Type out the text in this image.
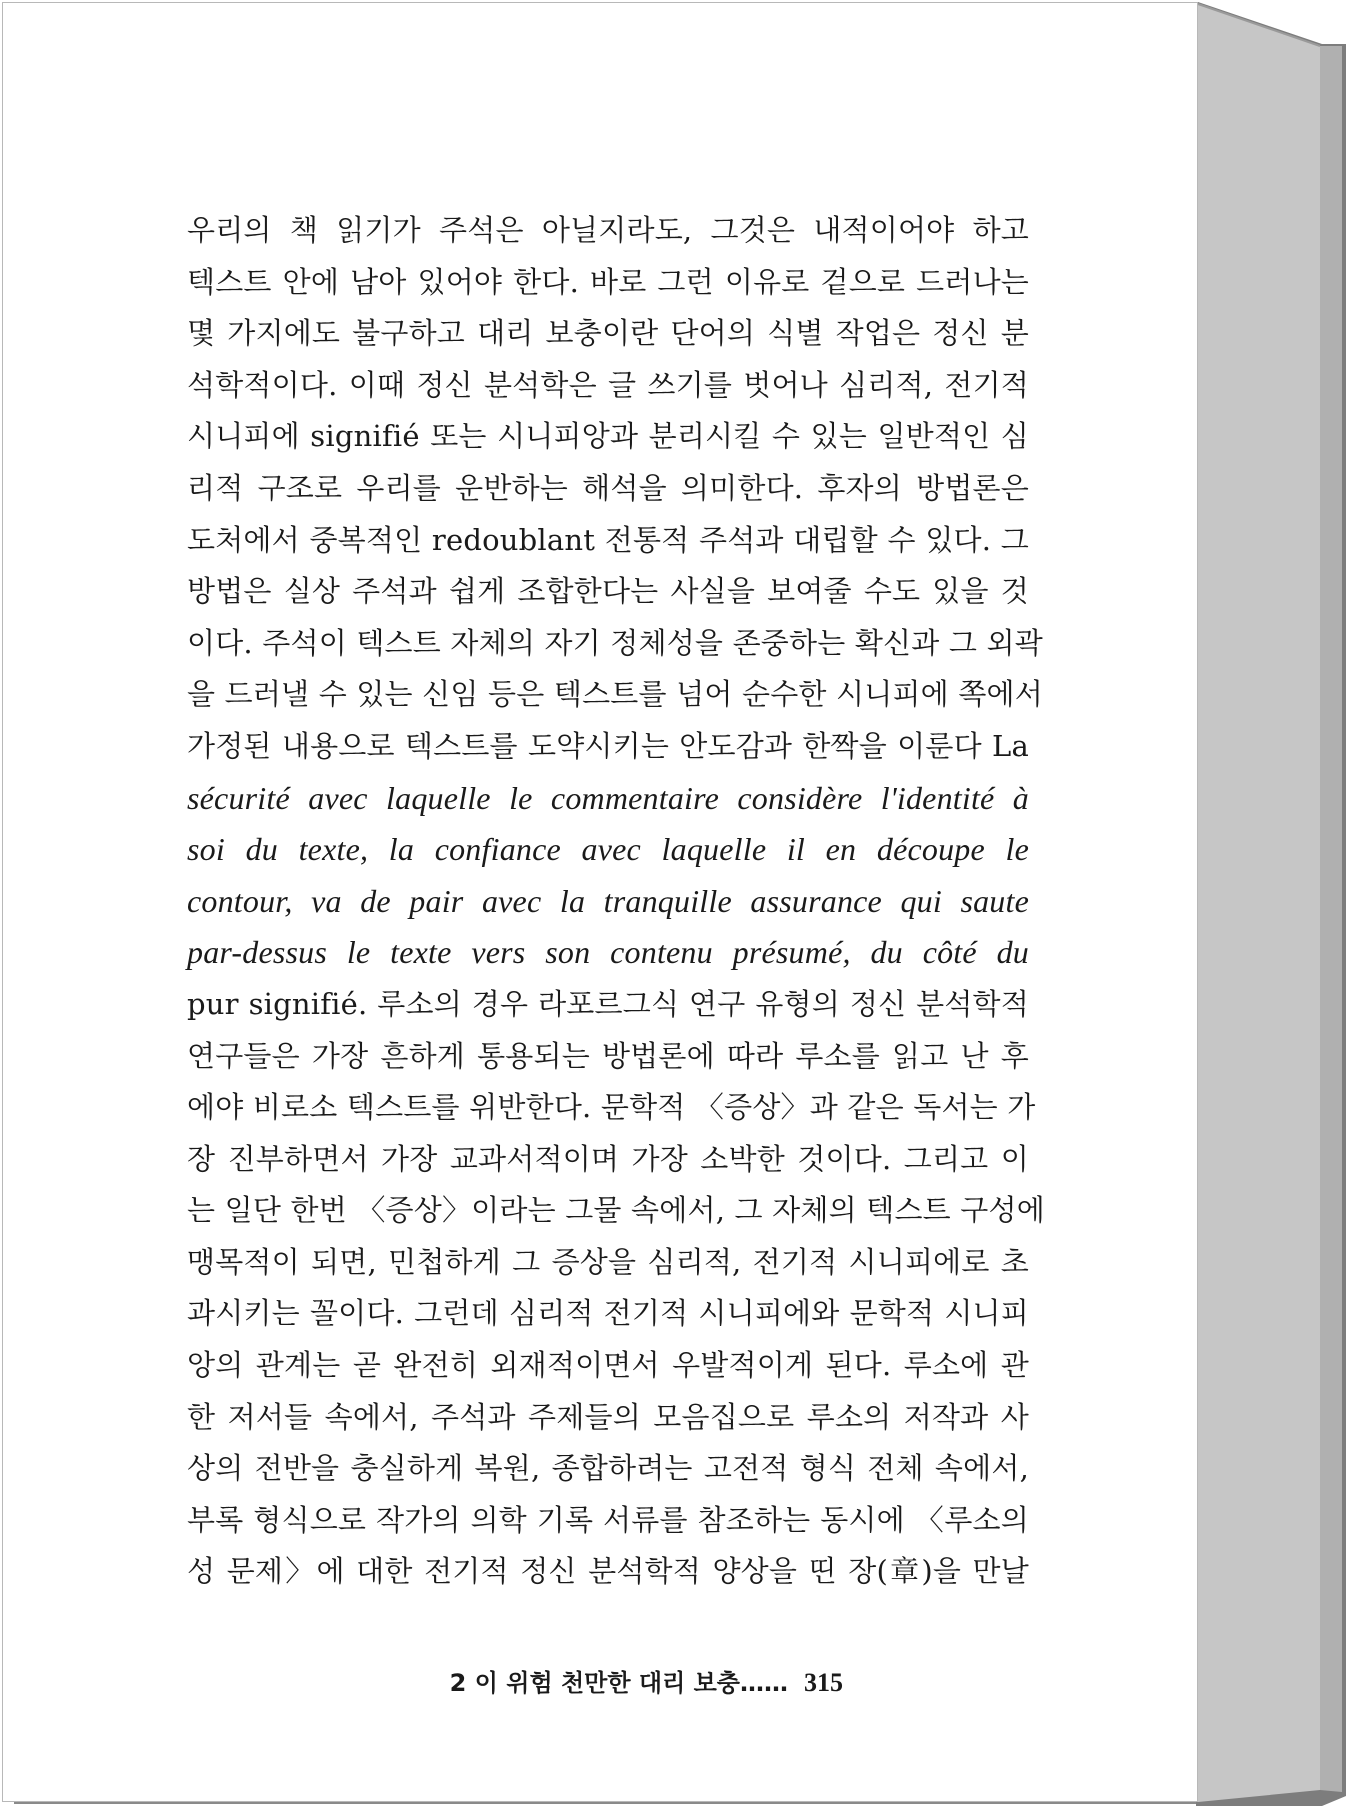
우리의 책 읽기가 주석은 아닐지라도, 그것은 내적이어야 하고
텍스트 안에 남아 있어야 한다. 바로 그런 이유로 겉으로 드러나는
몇 가지에도 불구하고 대리 보충이란 단어의 식별 작업은 정신 분
석학적이다. 이때 정신 분석학은 글 쓰기를 벗어나 심리적, 전기적
시니피에 signifié 또는 시니피앙과 분리시킬 수 있는 일반적인 심
리적 구조로 우리를 운반하는 해석을 의미한다. 후자의 방법론은
도처에서 중복적인 redoublant 전통적 주석과 대립할 수 있다. 그
방법은 실상 주석과 쉽게 조합한다는 사실을 보여줄 수도 있을 것
이다. 주석이 텍스트 자체의 자기 정체성을 존중하는 확신과 그 외곽
을 드러낼 수 있는 신임 등은 텍스트를 넘어 순수한 시니피에 쪽에서
가정된 내용으로 텍스트를 도약시키는 안도감과 한짝을 이룬다 La
sécurité avec laquelle le commentaire considère l'identité à
soi du texte, la confiance avec laquelle il en découpe le
contour, va de pair avec la tranquille assurance qui saute
par-dessus le texte vers son contenu présumé, du côté du
pur signifié. 루소의 경우 라포르그식 연구 유형의 정신 분석학적
연구들은 가장 흔하게 통용되는 방법론에 따라 루소를 읽고 난 후
에야 비로소 텍스트를 위반한다. 문학적 〈증상〉과 같은 독서는 가
장 진부하면서 가장 교과서적이며 가장 소박한 것이다. 그리고 이
는 일단 한번 〈증상〉이라는 그물 속에서, 그 자체의 텍스트 구성에
맹목적이 되면, 민첩하게 그 증상을 심리적, 전기적 시니피에로 초
과시키는 꼴이다. 그런데 심리적 전기적 시니피에와 문학적 시니피
앙의 관계는 곧 완전히 외재적이면서 우발적이게 된다. 루소에 관
한 저서들 속에서, 주석과 주제들의 모음집으로 루소의 저작과 사
상의 전반을 충실하게 복원, 종합하려는 고전적 형식 전체 속에서,
부록 형식으로 작가의 의학 기록 서류를 참조하는 동시에 〈루소의
성 문제〉에 대한 전기적 정신 분석학적 양상을 띤 장(章)을 만날
2 이 위험 천만한 대리 보충…… 315
